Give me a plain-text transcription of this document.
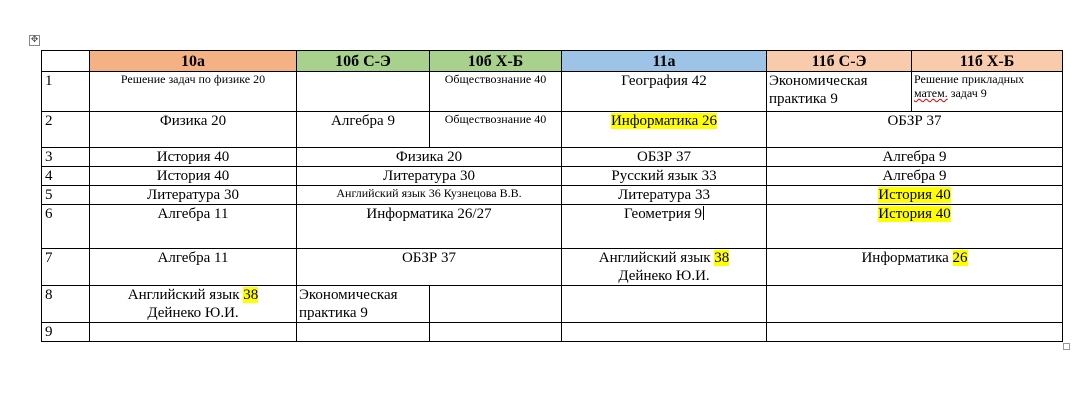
✥
	10а	10б С-Э	10б Х-Б	11а	11б С-Э	11б Х-Б
1	Решение задач по физике 20		Обществознание 40	География 42	Экономическая практика 9	Решение прикладных матем. задач 9
2	Физика 20	Алгебра 9	Обществознание 40	Информатика 26	ОБЗР 37	
3	История 40	Физика 20		ОБЗР 37	Алгебра 9	
4	История 40	Литература 30		Русский язык 33	Алгебра 9	
5	Литература 30	Английский язык 36 Кузнецова В.В.		Литература 33	История 40	
6	Алгебра 11	Информатика 26/27		Геометрия 9	История 40	
7	Алгебра 11	ОБЗР 37		Английский язык 38
Дейнеко Ю.И.	Информатика 26	
8	Английский язык 38
Дейнеко Ю.И.	Экономическая практика 9				
9						
